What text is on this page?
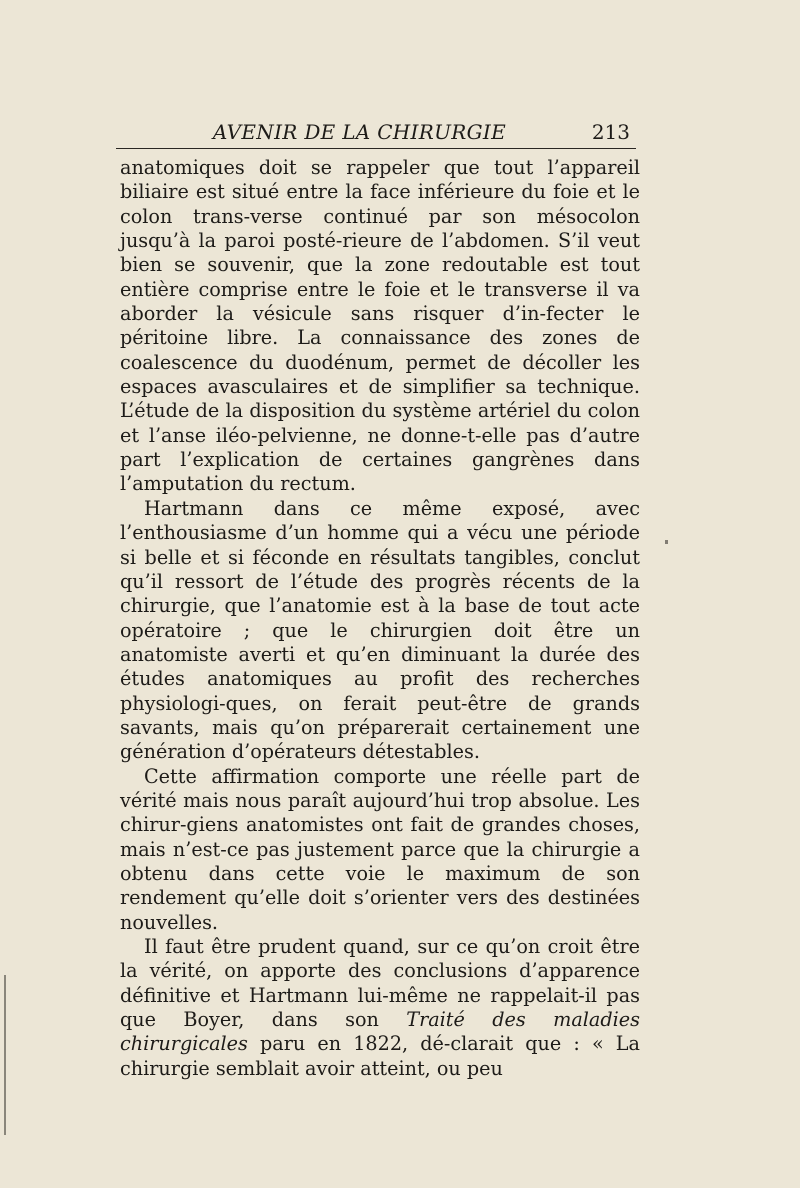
AVENIR DE LA CHIRURGIE	213

anatomiques doit se rappeler que tout l’appareil biliaire est situé entre la face inférieure du foie et le colon trans-verse continué par son mésocolon jusqu’à la paroi posté-rieure de l’abdomen. S’il veut bien se souvenir, que la zone redoutable est tout entière comprise entre le foie et le transverse il va aborder la vésicule sans risquer d’in-fecter le péritoine libre. La connaissance des zones de coalescence du duodénum, permet de décoller les espaces avasculaires et de simplifier sa technique. L’étude de la disposition du système artériel du colon et l’anse iléo-pelvienne, ne donne-t-elle pas d’autre part l’explication de certaines gangrènes dans l’amputation du rectum.

Hartmann dans ce même exposé, avec l’enthousiasme d’un homme qui a vécu une période si belle et si féconde en résultats tangibles, conclut qu’il ressort de l’étude des progrès récents de la chirurgie, que l’anatomie est à la base de tout acte opératoire ; que le chirurgien doit être un anatomiste averti et qu’en diminuant la durée des études anatomiques au profit des recherches physiologi-ques, on ferait peut-être de grands savants, mais qu’on préparerait certainement une génération d’opérateurs détestables.

Cette affirmation comporte une réelle part de vérité mais nous paraît aujourd’hui trop absolue. Les chirur-giens anatomistes ont fait de grandes choses, mais n’est-ce pas justement parce que la chirurgie a obtenu dans cette voie le maximum de son rendement qu’elle doit s’orienter vers des destinées nouvelles.

Il faut être prudent quand, sur ce qu’on croit être la vérité, on apporte des conclusions d’apparence définitive et Hartmann lui-même ne rappelait-il pas que Boyer, dans son Traité des maladies chirurgicales paru en 1822, dé-clarait que : « La chirurgie semblait avoir atteint, ou peu
